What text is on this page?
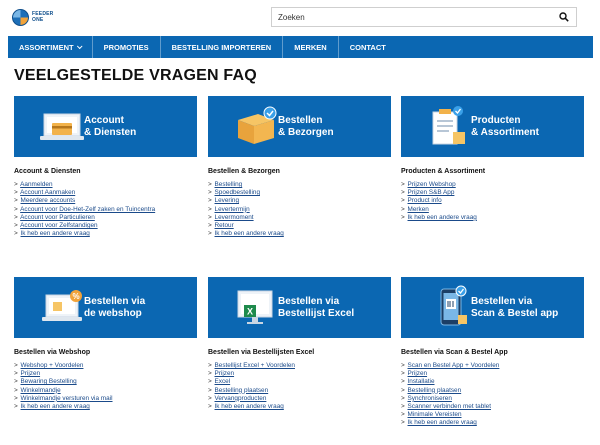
FEEDER
ONE
Zoeken
ASSORTIMENT	PROMOTIES	BESTELLING IMPORTEREN	MERKEN	CONTACT
VEELGESTELDE VRAGEN FAQ
Account
& Diensten
Bestellen
& Bezorgen
Producten
& Assortiment
Account & Diensten
> Aanmelden
> Account Aanmaken
> Meerdere accounts
> Account voor Doe-Het-Zelf zaken en Tuincentra
> Account voor Particulieren
> Account voor Zelfstandigen
> Ik heb een andere vraag
Bestellen & Bezorgen
> Bestelling
> Spoedbestelling
> Levering
> Levertermijn
> Levermoment
> Retour
> Ik heb een andere vraag
Producten & Assortiment
> Prijzen Webshop
> Prijzen S&B App
> Product info
> Merken
> Ik heb een andere vraag
% Bestellen via
de webshop	X
Bestellen via
Bestellijst Excel
Bestellen via
Scan & Bestel app
Bestellen via Webshop
> Webshop + Voordelen
> Prijzen
> Bewaring Bestelling
> Winkelmandje
> Winkelmandje versturen via mail
> Ik heb een andere vraag
Bestellen via Bestellijsten Excel
> Bestellijst Excel + Voordelen
> Prijzen
> Excel
> Bestelling plaatsen
> Vervangproducten
> Ik heb een andere vraag
Bestellen via Scan & Bestel App
> Scan en Bestel App + Voordelen
> Prijzen
> Installatie
> Bestelling plaatsen
> Synchroniseren
> Scanner verbinden met tablet
> Minimale Vereisten
> Ik heb een andere vraag
